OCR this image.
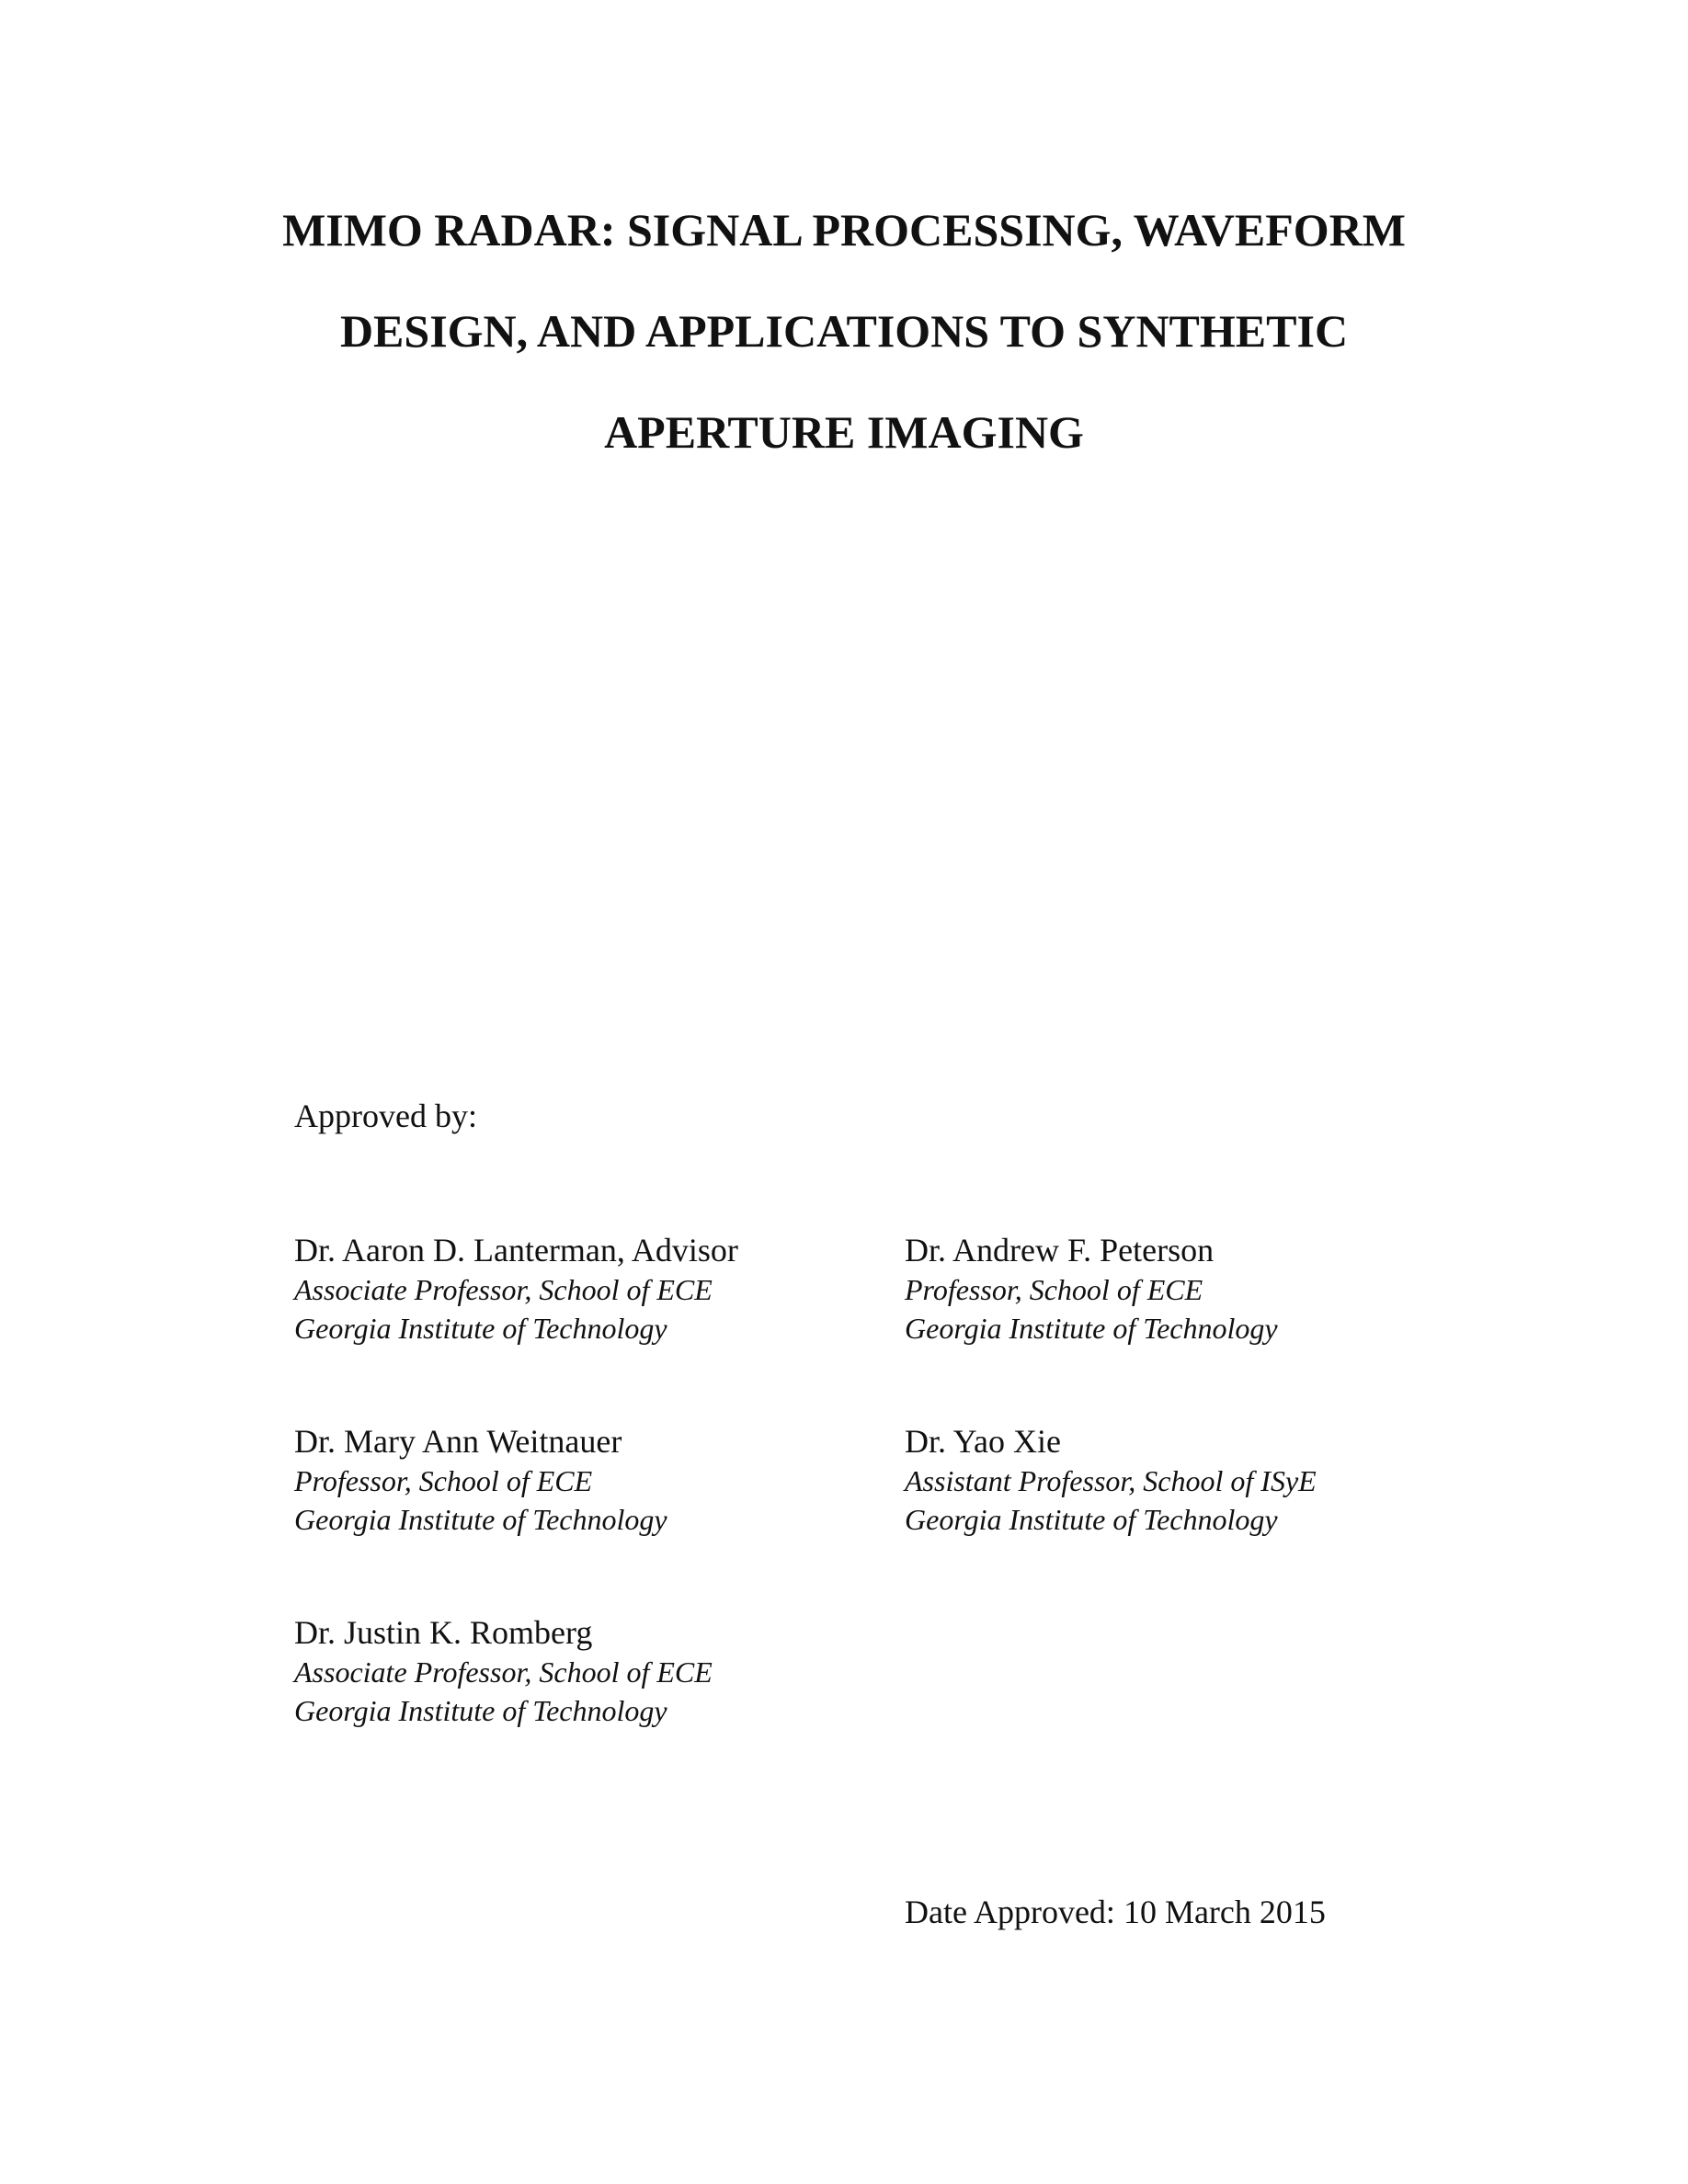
MIMO RADAR: SIGNAL PROCESSING, WAVEFORM
DESIGN, AND APPLICATIONS TO SYNTHETIC
APERTURE IMAGING
Approved by:
Dr. Aaron D. Lanterman, Advisor
Associate Professor, School of ECE
Georgia Institute of Technology
Dr. Andrew F. Peterson
Professor, School of ECE
Georgia Institute of Technology
Dr. Mary Ann Weitnauer
Professor, School of ECE
Georgia Institute of Technology
Dr. Yao Xie
Assistant Professor, School of ISyE
Georgia Institute of Technology
Dr. Justin K. Romberg
Associate Professor, School of ECE
Georgia Institute of Technology
Date Approved: 10 March 2015
